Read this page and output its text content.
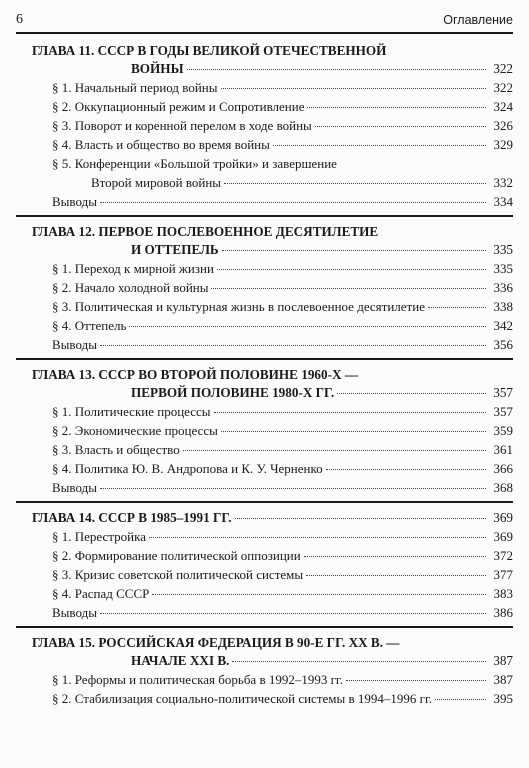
6	Оглавление
ГЛАВА 11. СССР В ГОДЫ ВЕЛИКОЙ ОТЕЧЕСТВЕННОЙ
ВОЙНЫ	322
§ 1. Начальный период войны	322
§ 2. Оккупационный режим и Сопротивление	324
§ 3. Поворот и коренной перелом в ходе войны	326
§ 4. Власть и общество во время войны	329
§ 5. Конференции «Большой тройки» и завершение
Второй мировой войны	332
Выводы	334
ГЛАВА 12. ПЕРВОЕ ПОСЛЕВОЕННОЕ ДЕСЯТИЛЕТИЕ
И ОТТЕПЕЛЬ	335
§ 1. Переход к мирной жизни	335
§ 2. Начало холодной войны	336
§ 3. Политическая и культурная жизнь в послевоенное десятилетие	338
§ 4. Оттепель	342
Выводы	356
ГЛАВА 13. СССР ВО ВТОРОЙ ПОЛОВИНЕ 1960-Х —
ПЕРВОЙ ПОЛОВИНЕ 1980-Х ГГ.	357
§ 1. Политические процессы	357
§ 2. Экономические процессы	359
§ 3. Власть и общество	361
§ 4. Политика Ю. В. Андропова и К. У. Черненко	366
Выводы	368
ГЛАВА 14. СССР В 1985–1991 ГГ.	369
§ 1. Перестройка	369
§ 2. Формирование политической оппозиции	372
§ 3. Кризис советской политической системы	377
§ 4. Распад СССР	383
Выводы	386
ГЛАВА 15. РОССИЙСКАЯ ФЕДЕРАЦИЯ В 90-Е ГГ. ХХ В. —
НАЧАЛЕ ХХI В.	387
§ 1. Реформы и политическая борьба в 1992–1993 гг.	387
§ 2. Стабилизация социально-политической системы в 1994–1996 гг.	395
